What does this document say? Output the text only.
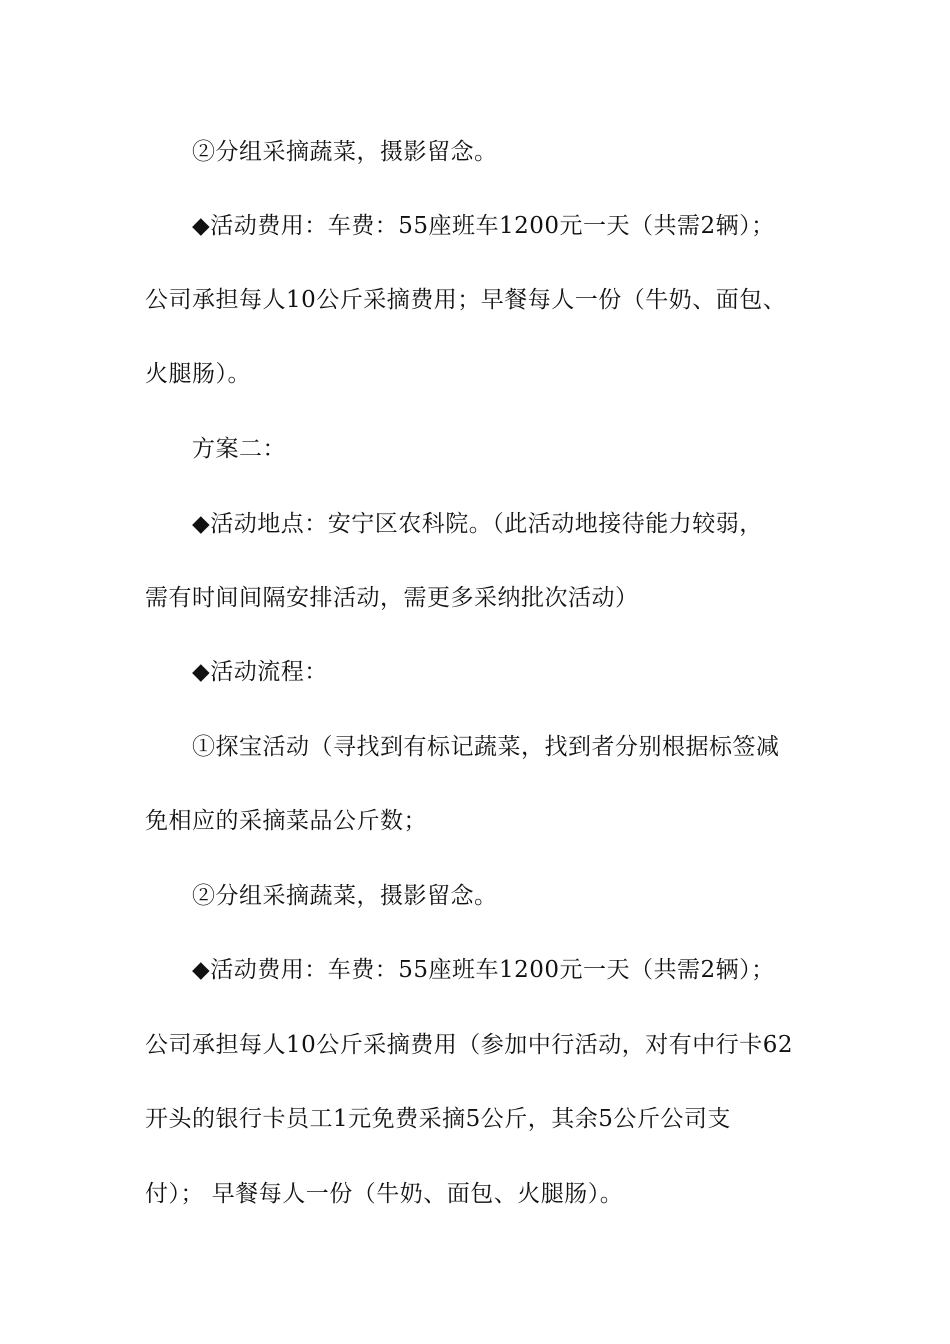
②分组采摘蔬菜，摄影留念。
◆活动费用：车费：55座班车1200元一天（共需2辆）；
公司承担每人10公斤采摘费用；早餐每人一份（牛奶、面包、
火腿肠）。
方案二：
◆活动地点：安宁区农科院。（此活动地接待能力较弱，
需有时间间隔安排活动，需更多采纳批次活动）
◆活动流程：
①探宝活动（寻找到有标记蔬菜，找到者分别根据标签减
免相应的采摘菜品公斤数；
②分组采摘蔬菜，摄影留念。
◆活动费用：车费：55座班车1200元一天（共需2辆）；
公司承担每人10公斤采摘费用（参加中行活动，对有中行卡62
开头的银行卡员工1元免费采摘5公斤，其余5公斤公司支
付）； 早餐每人一份（牛奶、面包、火腿肠）。
